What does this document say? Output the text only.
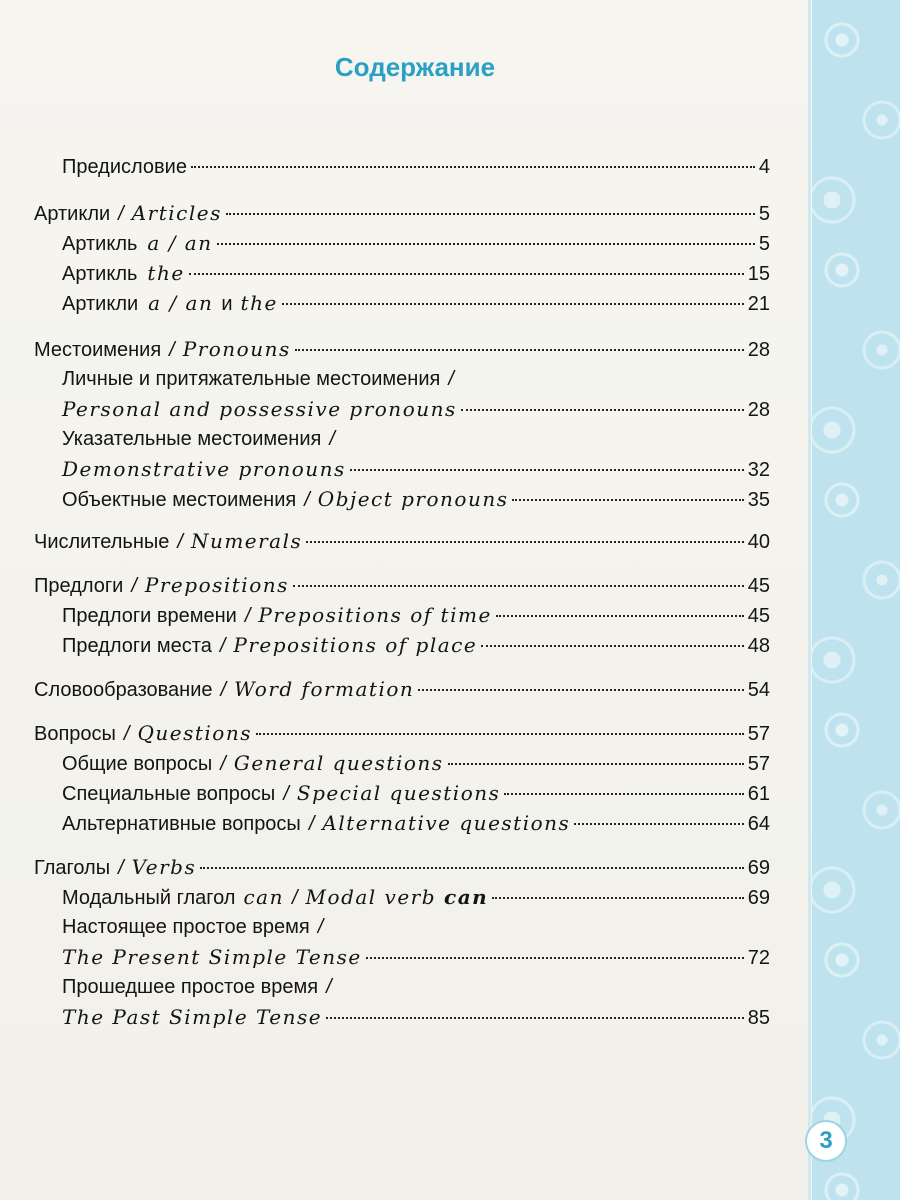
Содержание
Предисловие	4
Артикли / Articles	5
Артикль a / an	5
Артикль the	15
Артикли a / an и the	21
Местоимения / Pronouns	28
Личные и притяжательные местоимения /
Personal and possessive pronouns	28
Указательные местоимения /
Demonstrative pronouns	32
Объектные местоимения / Object pronouns	35
Числительные / Numerals	40
Предлоги / Prepositions	45
Предлоги времени / Prepositions of time	45
Предлоги места / Prepositions of place	48
Словообразование / Word formation	54
Вопросы / Questions	57
Общие вопросы / General questions	57
Специальные вопросы / Special questions	61
Альтернативные вопросы / Alternative questions	64
Глаголы / Verbs	69
Модальный глагол can / Modal verb can	69
Настоящее простое время /
The Present Simple Tense	72
Прошедшее простое время /
The Past Simple Tense	85
3
